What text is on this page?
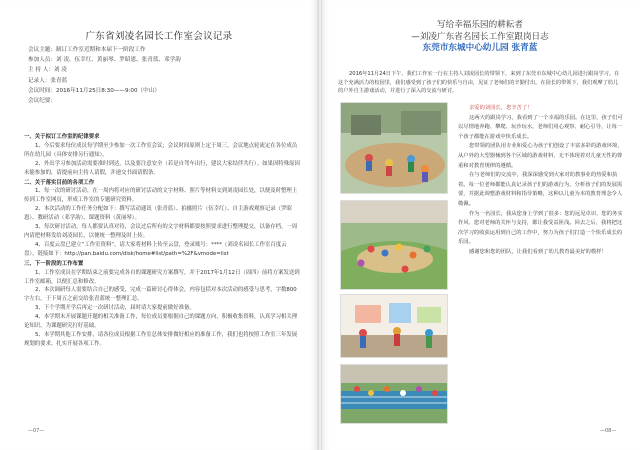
广东省刘凌名园长工作室会议记录
会议主题：制订工作室近期和本届下一阶段工作
参加人员：刘 凌、伍幸红、黄丽琴、罗昭恩、张青蓝、邓学韵
主 持 人：刘 凌
记录人：张青蓝
会议时间：2016年11月25日8:30——9:00（中山）
会议纪要：

一、关于拟订工作室的纪律要求

1、今后要求每位成员每学期至少参加一次工作室会议；会议时间原则上定于周三，会议地点轮流定在各位成员所在幼儿园（具体安排另行通知）。

2、外出学习参加活动需要准时到达，以及要注意安全（若是自驾车出行，建议大家结伴共行）。如果因特殊原因未能参加的，请提前向主持人请假，并递交书面请假条。

二、关于落实目前的各项工作

1、每一次的研讨活动，在一周内将对应的研讨活动的文字材料、照片等材料交到刘凌园长处，以便及时整理上传到工作室网页，形成工作室的专题研究资料。

2、本次活动的工作任务分配如下：撰写活动通讯（张青蓝）、拍摄照片（伍幸红）、自主游戏观察记录（罗昭恩）、教研活动（邓学韵）、课题资料（黄丽琴）。

3、每次研讨活动，每人都要认真对待，会议过后所有的文字材料都要按照要求进行整理提交，以备存档。一周内请把材料发给刘凌园长，以便统一整理及时上传。

4、百度云盘已建立“工作室资料”，请大家将材料上传至云盘，登录账号：****（刘凌名园长工作室百度云盘），链接如下：http://pan.baidu.com/disk/home#list/path=%2F&vmode=list

三、下一阶段的工作布置

1、工作室成员在学期结束之前要完成各自的课题研究方案撰写，并于2017年1月12日（周四）前将方案发送到工作室邮箱，以便汇总和修改。

2、本次调研每人需要结合自己的感受，完成一篇研讨心得体会，内容包括对本次活动的感受与思考，字数800字左右，于下周五之前交给张青蓝统一整理汇总。

3、下个学期开学后再定一次研讨活动，届时请大家提前做好准备。

4、本学期末开展课题开题的相关准备工作，每位成员要根据自己的课题方向，积极收集资料，认真学习相关理论知识，为课题研究打好基础。

5、本学期其他工作安排，请各位成员根据工作室总体安排做好相应的准备工作，我们也将按照工作室三年发展规划的要求，扎实开展各项工作。

—07—
写给幸福乐园的耕耘者
—刘凌广东省名园长工作室跟岗日志
东莞市东城中心幼儿园 张青蓝
2016年11月24日下午，我们工作室一行在主持人刘凌园长的带领下，来到了东莞市东城中心幼儿园进行跟岗学习。在这个充满活力的校园里，我们感受到了孩子们的快乐与自由，见证了老师们的辛勤付出。在园长的带领下，我们观摩了幼儿的户外自主游戏活动，并进行了深入的交流与研讨。

亲爱的刘园长，您辛苦了！

这两天的跟岗学习，我看到了一个幸福的乐园。在这里，孩子们可以尽情地奔跑、攀爬、玩沙玩水，老师们用心观察、耐心引导，让每一个孩子都能在游戏中快乐成长。

您带领的团队用专业和爱心为孩子们创设了丰富多彩的游戏环境，从户外的大型器械到各个区域的游戏材料，无不体现着对儿童天性的尊重和对教育规律的遵循。

在与老师们的交流中，我深深感受到大家对幼教事业的热爱和执着。每一位老师都能认真记录孩子们的游戏行为，分析孩子们的发展需要，并据此调整游戏材料和指导策略，这种以儿童为本的教育理念令人敬佩。

作为一名园长，我从您身上学到了很多：您的远见卓识、您的务实作风、您对老师的关怀与支持，都让我受益匪浅。回去之后，我将把这次学习的收获运用到自己的工作中，努力为孩子们打造一个快乐成长的乐园。

感谢您和您的团队，让我们看到了幼儿教育最美好的模样！

—08—
